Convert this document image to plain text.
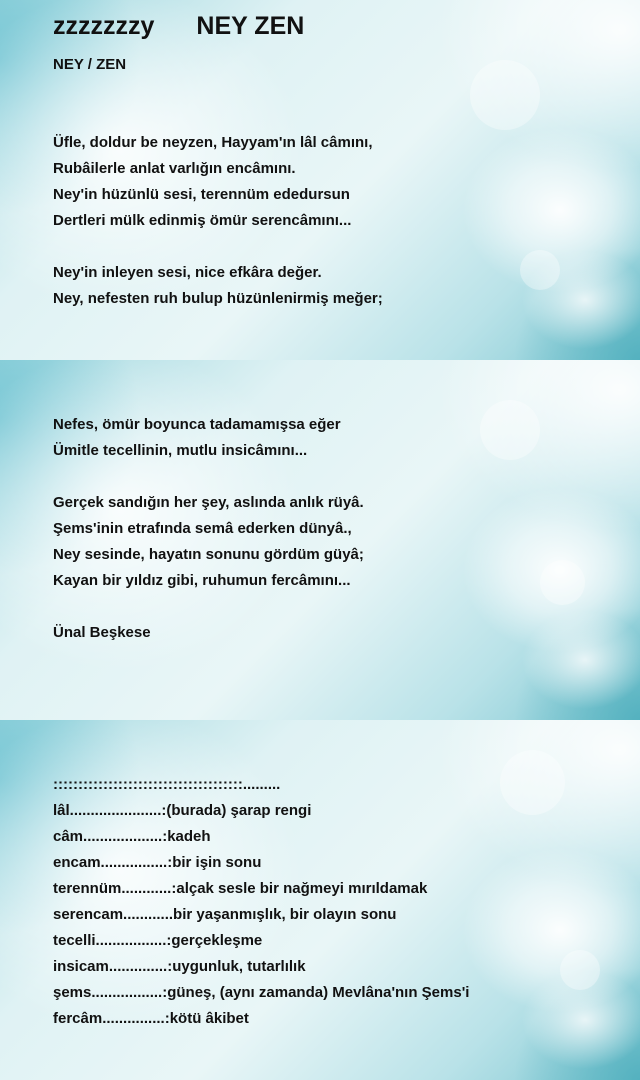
zzzzzzzy NEY ZEN
NEY / ZEN
Üfle, doldur be neyzen, Hayyam'ın lâl câmını,
Rubâilerle anlat varlığın encâmını.
Ney'in hüzünlü sesi, terennüm ededursun
Dertleri mülk edinmiş ömür serencâmını...
Ney'in inleyen sesi, nice efkâra değer.
Ney, nefesten ruh bulup hüzünlenirmiş meğer;
Nefes, ömür boyunca tadamamışsa eğer
Ümitle tecellinin, mutlu insicâmını...
Gerçek sandığın her şey, aslında anlık rüyâ.
Şems'inin etrafında semâ ederken dünyâ.,
Ney sesinde, hayatın sonunu gördüm güyâ;
Kayan bir yıldız gibi, ruhumun fercâmını...
Ünal Beşkese
::::::::::::::::::::::::::::::::::::::.........
lâl......................:(burada) şarap rengi
câm...................:kadeh
encam................:bir işin sonu
terennüm............:alçak sesle bir nağmeyi mırıldamak
serencam............bir yaşanmışlık, bir olayın sonu
tecelli.................:gerçekleşme
insicam..............:uygunluk, tutarlılık
şems.................:güneş, (aynı zamanda) Mevlâna'nın Şems'i
fercâm...............:kötü âkibet
